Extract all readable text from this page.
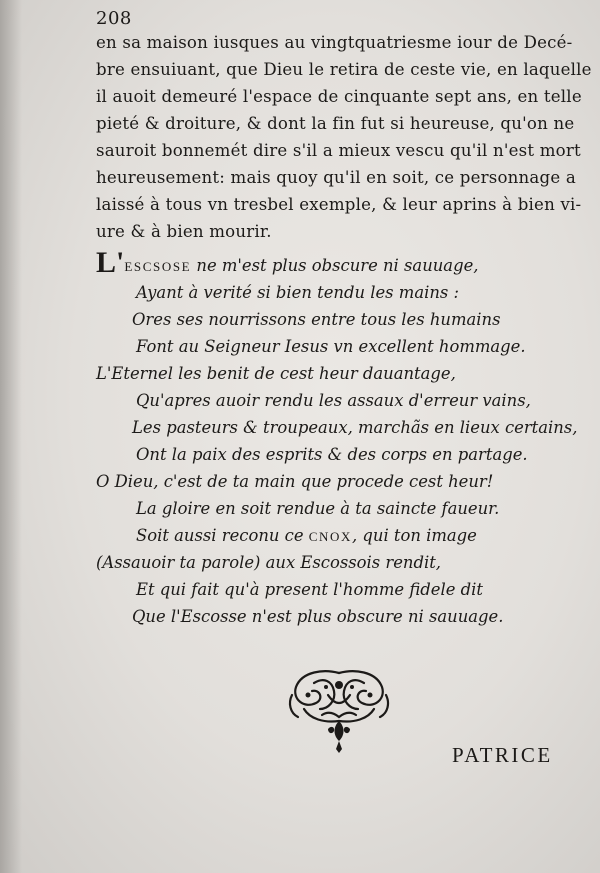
208

en sa maison iusques au vingtquatriesme iour de Decé-
bre ensuiuant, que Dieu le retira de ceste vie, en laquelle
il auoit demeuré l'espace de cinquante sept ans, en telle
pieté & droiture, & dont la fin fut si heureuse, qu'on ne
sauroit bonnemét dire s'il a mieux vescu qu'il n'est mort
heureusement: mais quoy qu'il en soit, ce personnage a
laissé à tous vn tresbel exemple, & leur aprins à bien vi-
ure & à bien mourir.

L'ESCSOSE ne m'est plus obscure ni sauuage,
Ayant à verité si bien tendu les mains :
Ores ses nourrissons entre tous les humains
Font au Seigneur Iesus vn excellent hommage.
L'Eternel les benit de cest heur dauantage,
Qu'apres auoir rendu les assaux d'erreur vains,
Les pasteurs & troupeaux, marchãs en lieux certains,
Ont la paix des esprits & des corps en partage.
O Dieu, c'est de ta main que procede cest heur!
La gloire en soit rendue à ta saincte faueur.
Soit aussi reconu ce CNOX, qui ton image
(Assauoir ta parole) aux Escossois rendit,
Et qui fait qu'à present l'homme fidele dit
Que l'Escosse n'est plus obscure ni sauuage.
PATRICE
